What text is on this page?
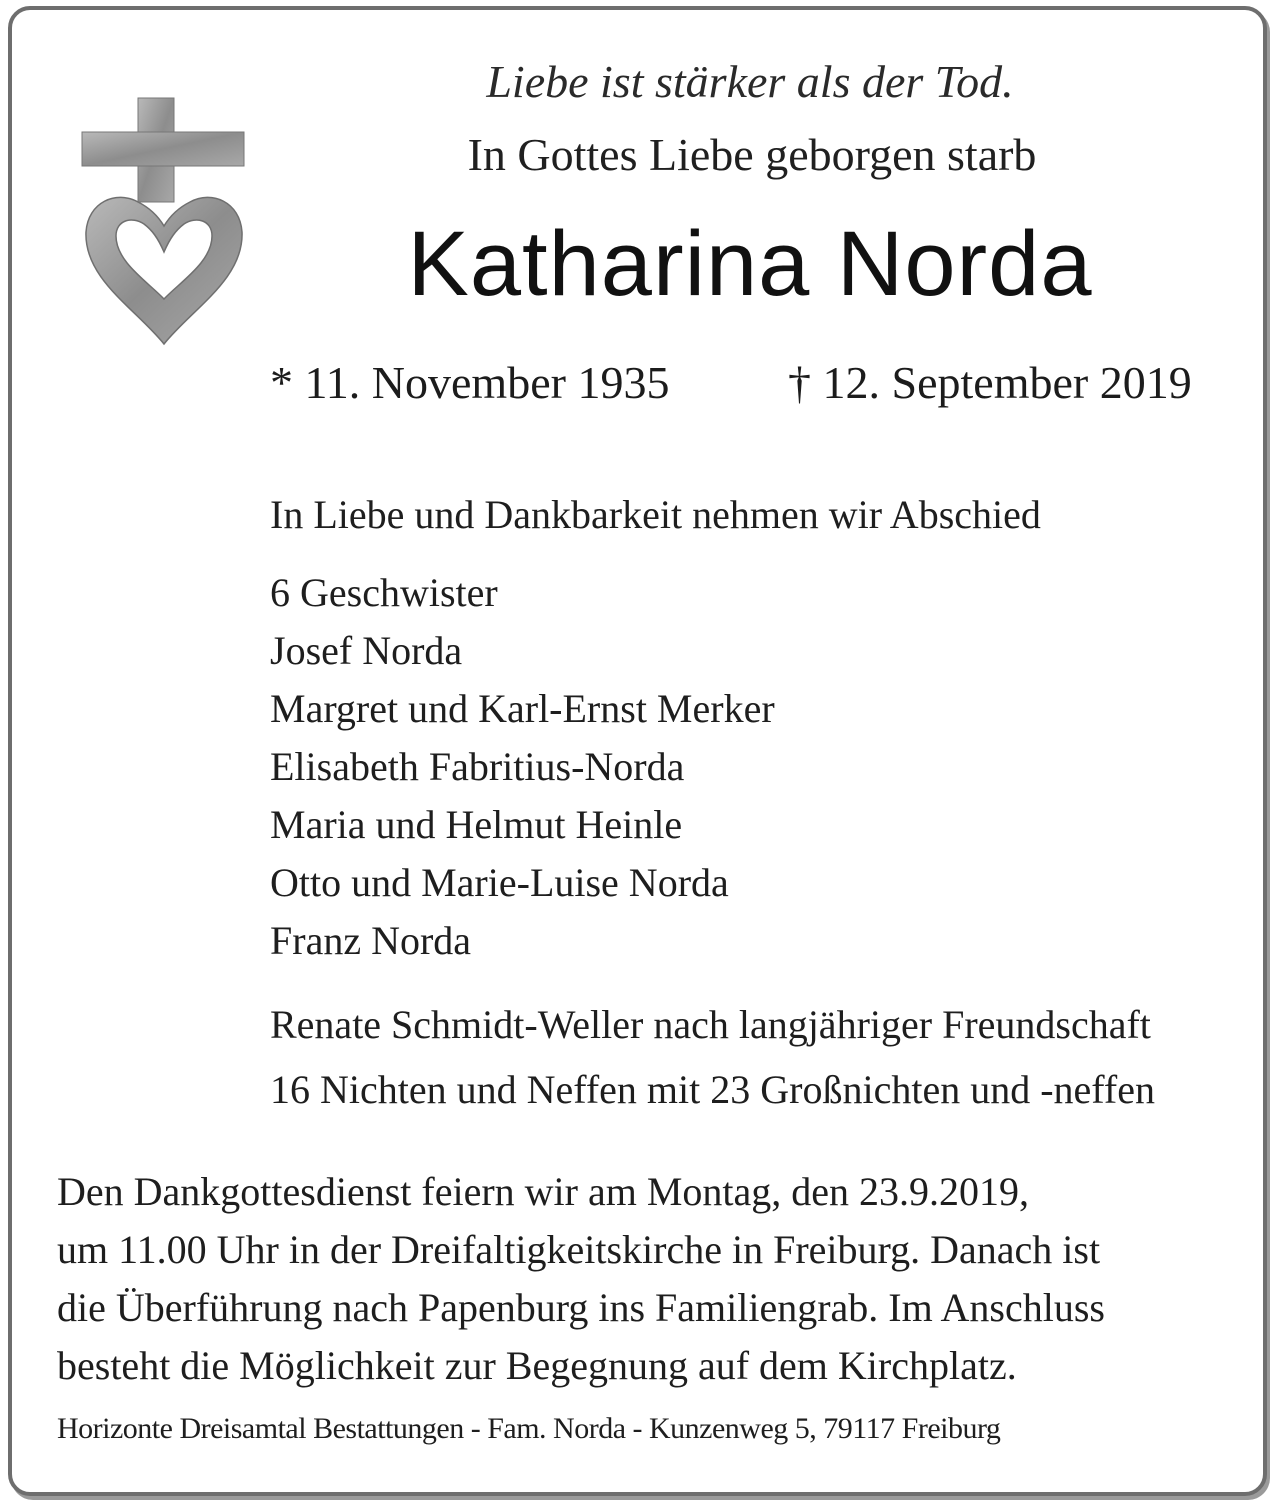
Liebe ist stärker als der Tod.
In Gottes Liebe geborgen starb
Katharina Norda
* 11. November 1935	† 12. September 2019
In Liebe und Dankbarkeit nehmen wir Abschied
6 Geschwister
Josef Norda
Margret und Karl-Ernst Merker
Elisabeth Fabritius-Norda
Maria und Helmut Heinle
Otto und Marie-Luise Norda
Franz Norda
Renate Schmidt-Weller nach langjähriger Freundschaft
16 Nichten und Neffen mit 23 Großnichten und -neffen
Den Dankgottesdienst feiern wir am Montag, den 23.9.2019,
um 11.00 Uhr in der Dreifaltigkeitskirche in Freiburg. Danach ist
die Überführung nach Papenburg ins Familiengrab. Im Anschluss
besteht die Möglichkeit zur Begegnung auf dem Kirchplatz.
Horizonte Dreisamtal Bestattungen - Fam. Norda - Kunzenweg 5, 79117 Freiburg
